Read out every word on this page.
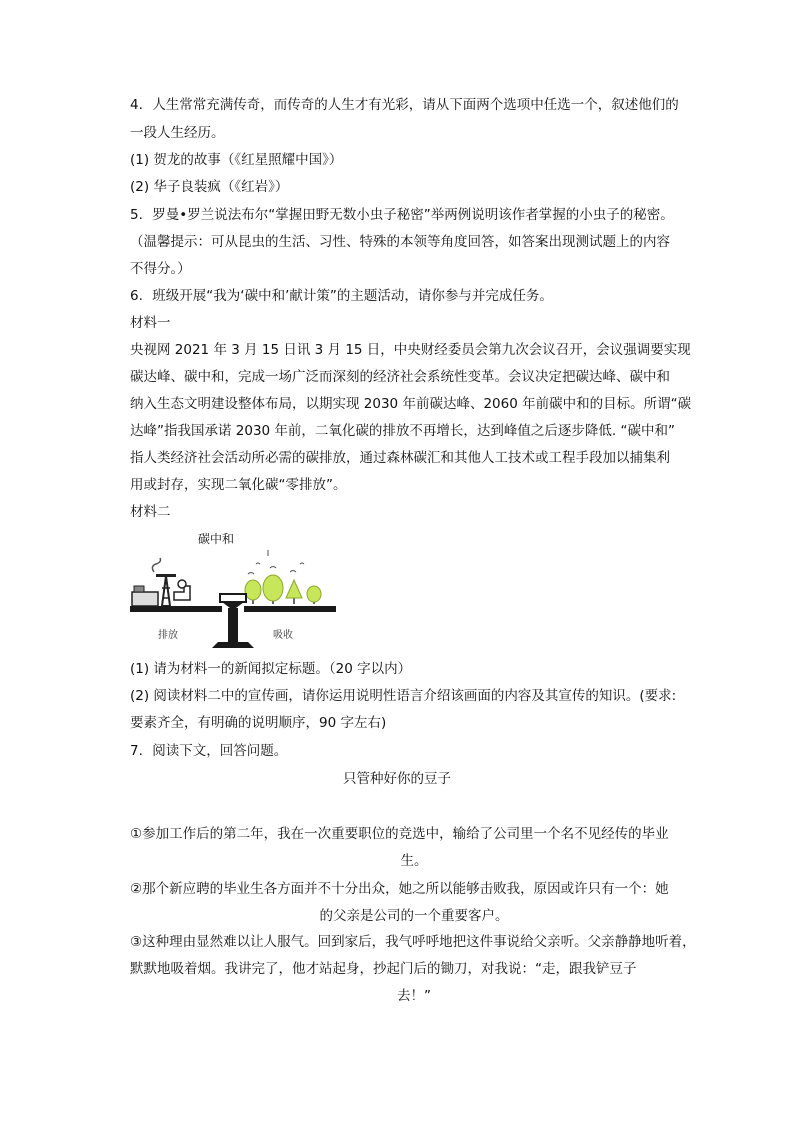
4. 人生常常充满传奇，而传奇的人生才有光彩，请从下面两个选项中任选一个，叙述他们的
一段人生经历。
(1) 贺龙的故事（《红星照耀中国》）
(2) 华子良装疯（《红岩》）
5. 罗曼•罗兰说法布尔“掌握田野无数小虫子秘密”举两例说明该作者掌握的小虫子的秘密。
（温馨提示：可从昆虫的生活、习性、特殊的本领等角度回答，如答案出现测试题上的内容
不得分。）
6. 班级开展“我为‘碳中和’献计策”的主题活动，请你参与并完成任务。
材料一
央视网 2021 年 3 月 15 日讯 3 月 15 日，中央财经委员会第九次会议召开，会议强调要实现
碳达峰、碳中和，完成一场广泛而深刻的经济社会系统性变革。会议决定把碳达峰、碳中和
纳入生态文明建设整体布局，以期实现 2030 年前碳达峰、2060 年前碳中和的目标。所谓“碳
达峰”指我国承诺 2030 年前，二氧化碳的排放不再增长，达到峰值之后逐步降低. “碳中和”
指人类经济社会活动所必需的碳排放，通过森林碳汇和其他人工技术或工程手段加以捕集利
用或封存，实现二氧化碳“零排放”。
材料二
碳中和
排放	吸收
(1) 请为材料一的新闻拟定标题。（20 字以内）
(2) 阅读材料二中的宣传画，请你运用说明性语言介绍该画面的内容及其宣传的知识。(要求:
要素齐全，有明确的说明顺序，90 字左右)
7. 阅读下文，回答问题。
只管种好你的豆子
①参加工作后的第二年，我在一次重要职位的竞选中，输给了公司里一个名不见经传的毕业
生。
②那个新应聘的毕业生各方面并不十分出众，她之所以能够击败我，原因或许只有一个：她
的父亲是公司的一个重要客户。
③这种理由显然难以让人服气。回到家后，我气呼呼地把这件事说给父亲听。父亲静静地听着，默默地吸着烟。我讲完了，他才站起身，抄起门后的锄刀，对我说：“走，跟我铲豆子
去！”
